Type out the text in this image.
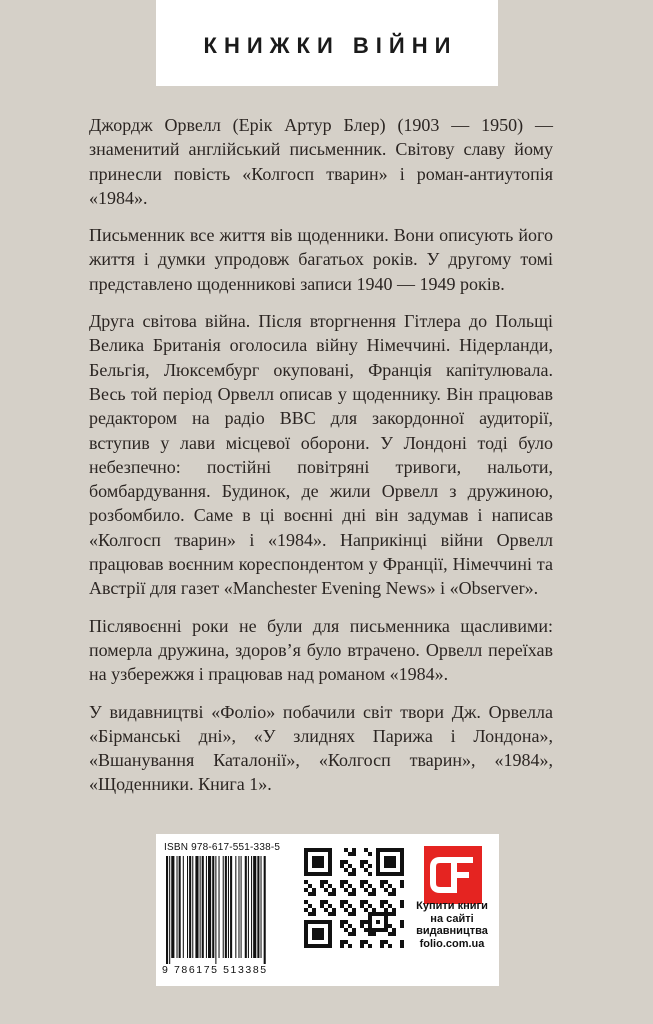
КНИЖКИ ВІЙНИ

Джордж Орвелл (Ерік Артур Блер) (1903 — 1950) — знаменитий англійський письменник. Світову славу йому принесли повість «Колгосп тварин» і роман-антиутопія «1984».

Письменник все життя вів щоденники. Вони описують його життя і думки упродовж багатьох років. У другому томі представлено щоденникові записи 1940 — 1949 років.

Друга світова війна. Після вторгнення Гітлера до Польщі Велика Британія оголосила війну Німеччині. Нідерланди, Бельгія, Люксембург окуповані, Франція капітулювала. Весь той період Орвелл описав у щоденнику. Він працював редактором на радіо BBC для закордонної аудиторії, вступив у лави місцевої оборони. У Лондоні тоді було небезпечно: постійні повітряні тривоги, нальоти, бомбардування. Будинок, де жили Орвелл з дружиною, розбомбило. Саме в ці воєнні дні він задумав і написав «Колгосп тварин» і «1984». Наприкінці війни Орвелл працював воєнним кореспондентом у Франції, Німеччині та Австрії для газет «Manchester Evening News» і «Observer».

Післявоєнні роки не були для письменника щасливими: померла дружина, здоров’я було втрачено. Орвелл переїхав на узбережжя і працював над романом «1984».

У видавництві «Фоліо» побачили світ твори Дж. Орвелла «Бірманські дні», «У злиднях Парижа і Лондона», «Вшанування Каталонії», «Колгосп тварин», «1984», «Щоденники. Книга 1».

ISBN 978-617-551-338-5
9 786175 513385
Купити книги
на сайті
видавництва
folio.com.ua
